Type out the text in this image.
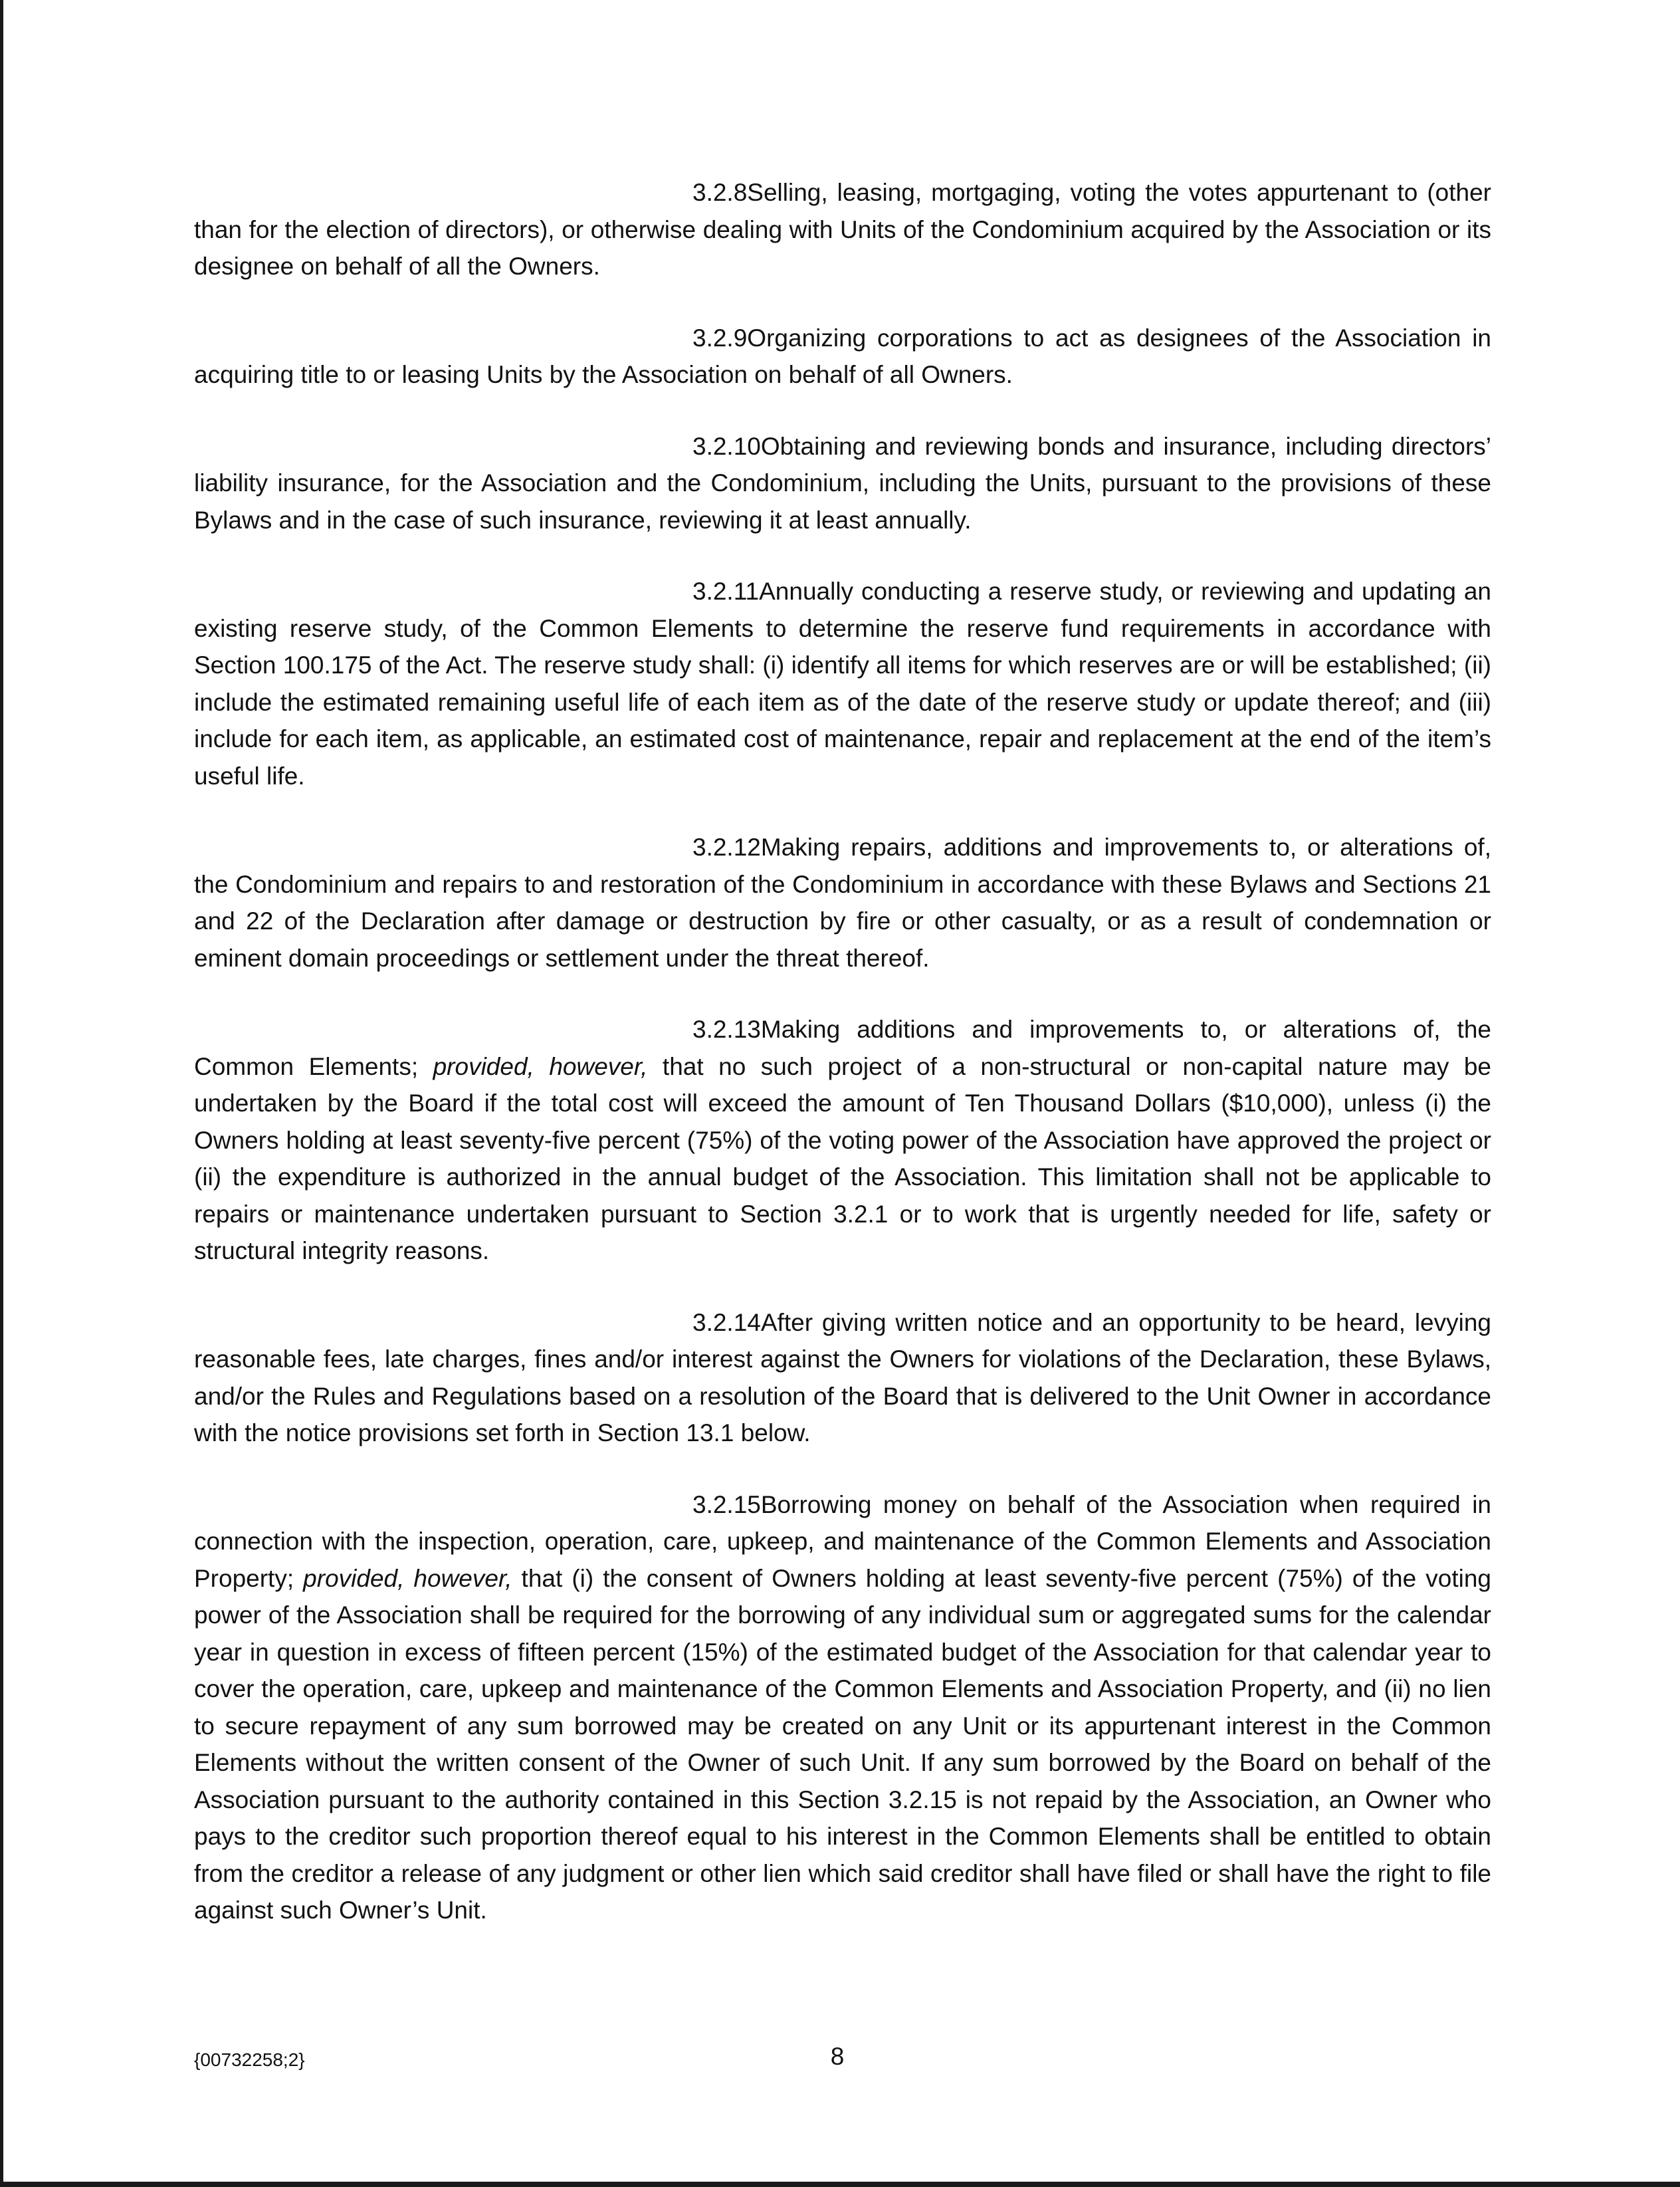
3.2.8Selling, leasing, mortgaging, voting the votes appurtenant to (other than for the election of directors), or otherwise dealing with Units of the Condominium acquired by the Association or its designee on behalf of all the Owners.

3.2.9Organizing corporations to act as designees of the Association in acquiring title to or leasing Units by the Association on behalf of all Owners.

3.2.10Obtaining and reviewing bonds and insurance, including directors’ liability insurance, for the Association and the Condominium, including the Units, pursuant to the provisions of these Bylaws and in the case of such insurance, reviewing it at least annually.

3.2.11Annually conducting a reserve study, or reviewing and updating an existing reserve study, of the Common Elements to determine the reserve fund requirements in accordance with Section 100.175 of the Act. The reserve study shall: (i) identify all items for which reserves are or will be established; (ii) include the estimated remaining useful life of each item as of the date of the reserve study or update thereof; and (iii) include for each item, as applicable, an estimated cost of maintenance, repair and replacement at the end of the item’s useful life.

3.2.12Making repairs, additions and improvements to, or alterations of, the Condominium and repairs to and restoration of the Condominium in accordance with these Bylaws and Sections 21 and 22 of the Declaration after damage or destruction by fire or other casualty, or as a result of condemnation or eminent domain proceedings or settlement under the threat thereof.

3.2.13Making additions and improvements to, or alterations of, the Common Elements; provided, however, that no such project of a non-structural or non-capital nature may be undertaken by the Board if the total cost will exceed the amount of Ten Thousand Dollars ($10,000), unless (i) the Owners holding at least seventy-five percent (75%) of the voting power of the Association have approved the project or (ii) the expenditure is authorized in the annual budget of the Association. This limitation shall not be applicable to repairs or maintenance undertaken pursuant to Section 3.2.1 or to work that is urgently needed for life, safety or structural integrity reasons.

3.2.14After giving written notice and an opportunity to be heard, levying reasonable fees, late charges, fines and/or interest against the Owners for violations of the Declaration, these Bylaws, and/or the Rules and Regulations based on a resolution of the Board that is delivered to the Unit Owner in accordance with the notice provisions set forth in Section 13.1 below.

3.2.15Borrowing money on behalf of the Association when required in connection with the inspection, operation, care, upkeep, and maintenance of the Common Elements and Association Property; provided, however, that (i) the consent of Owners holding at least seventy-five percent (75%) of the voting power of the Association shall be required for the borrowing of any individual sum or aggregated sums for the calendar year in question in excess of fifteen percent (15%) of the estimated budget of the Association for that calendar year to cover the operation, care, upkeep and maintenance of the Common Elements and Association Property, and (ii) no lien to secure repayment of any sum borrowed may be created on any Unit or its appurtenant interest in the Common Elements without the written consent of the Owner of such Unit. If any sum borrowed by the Board on behalf of the Association pursuant to the authority contained in this Section 3.2.15 is not repaid by the Association, an Owner who pays to the creditor such proportion thereof equal to his interest in the Common Elements shall be entitled to obtain from the creditor a release of any judgment or other lien which said creditor shall have filed or shall have the right to file against such Owner’s Unit.

{00732258;2}	8
